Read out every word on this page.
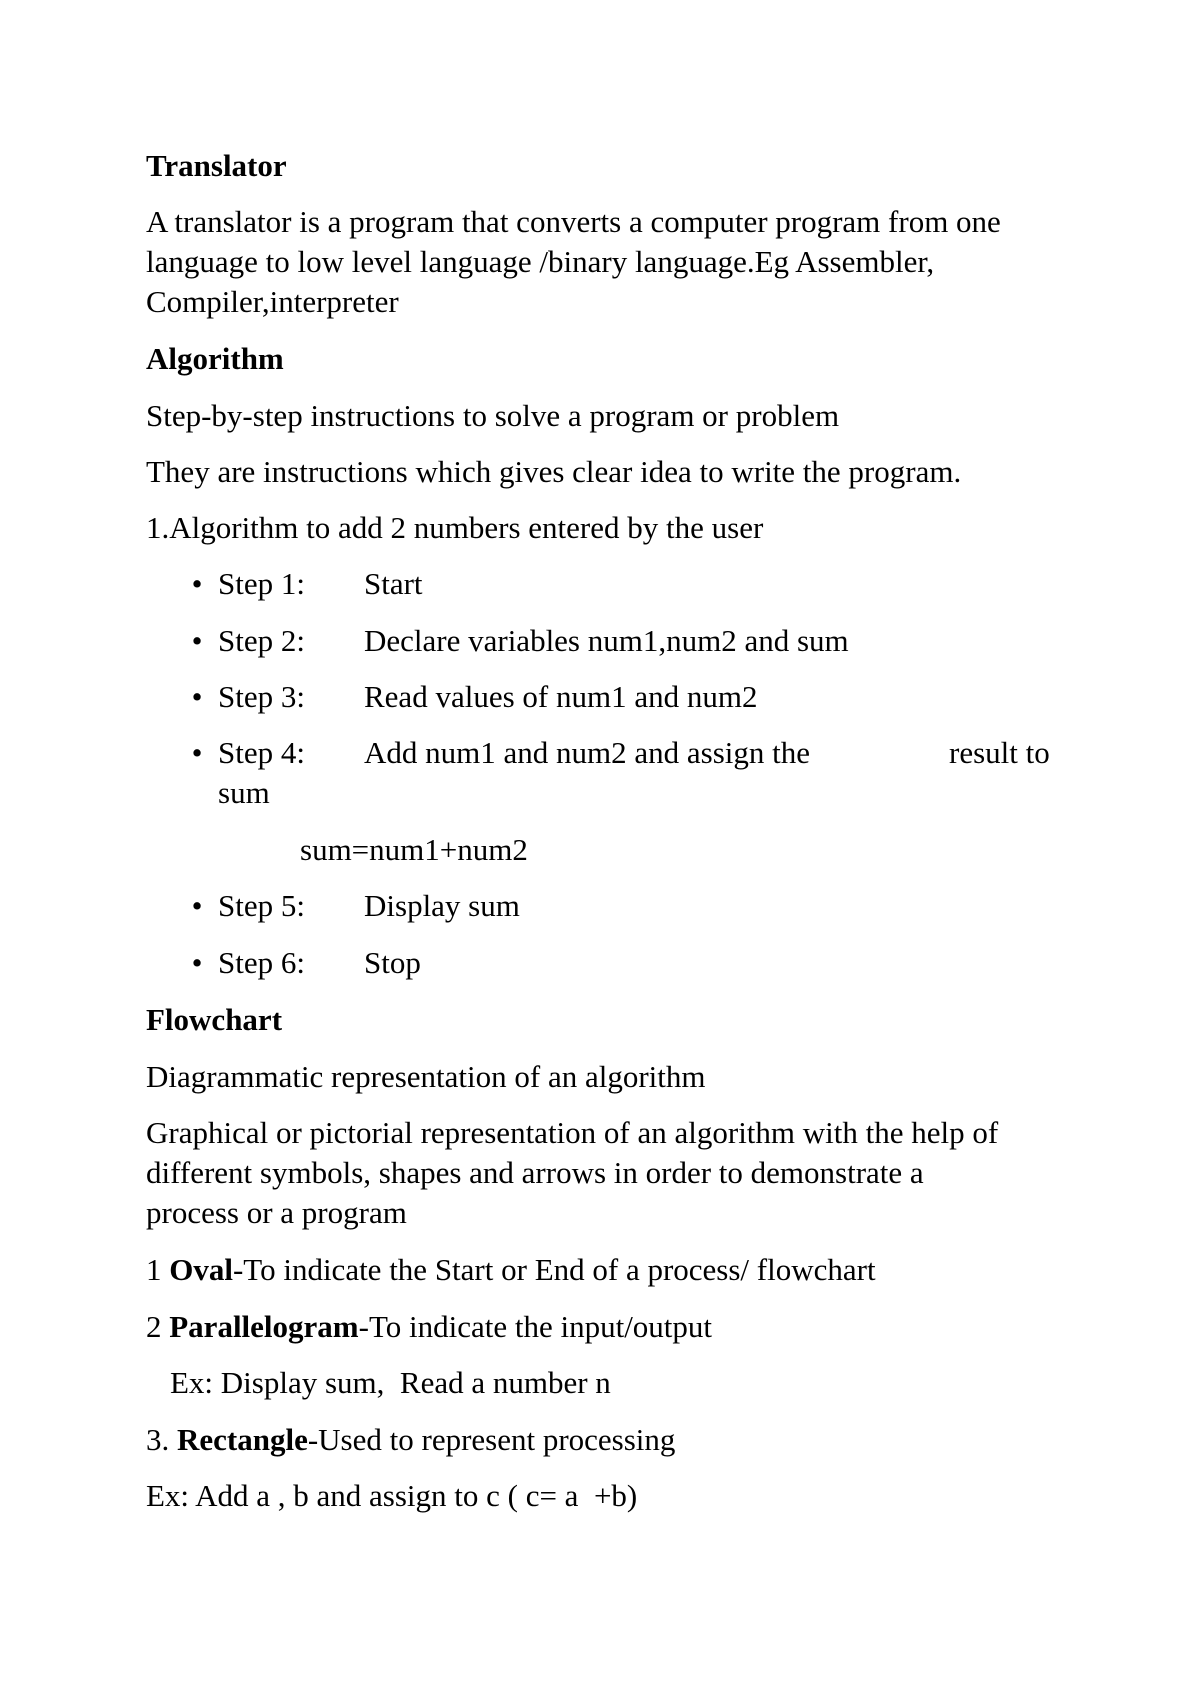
Translator
A translator is a program that converts a computer program from one
language to low level language /binary language.Eg Assembler,
Compiler,interpreter
Algorithm
Step-by-step instructions to solve a program or problem
They are instructions which gives clear idea to write the program.
1.Algorithm to add 2 numbers entered by the user
• Step 1: Start
• Step 2: Declare variables num1,num2 and sum
• Step 3: Read values of num1 and num2
• Step 4: Add num1 and num2 and assign the	result to
sum
sum=num1+num2
• Step 5: Display sum
• Step 6: Stop
Flowchart
Diagrammatic representation of an algorithm
Graphical or pictorial representation of an algorithm with the help of
different symbols, shapes and arrows in order to demonstrate a
process or a program
1 Oval-To indicate the Start or End of a process/ flowchart
2 Parallelogram-To indicate the input/output
Ex: Display sum,  Read a number n
3. Rectangle-Used to represent processing
Ex: Add a , b and assign to c ( c= a  +b)
